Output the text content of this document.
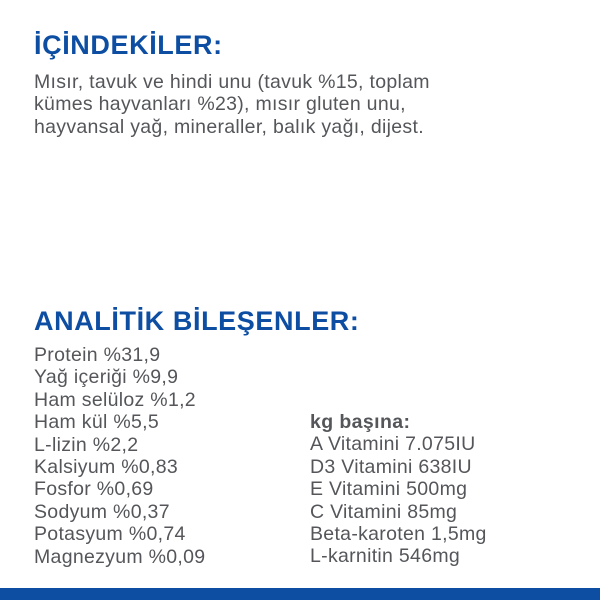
İÇİNDEKİLER:
Mısır, tavuk ve hindi unu (tavuk %15, toplam
kümes hayvanları %23), mısır gluten unu,
hayvansal yağ, mineraller, balık yağı, dijest.
ANALİTİK BİLEŞENLER:
Protein %31,9
Yağ içeriği %9,9
Ham selüloz %1,2
Ham kül %5,5
L-lizin %2,2
Kalsiyum %0,83
Fosfor %0,69
Sodyum %0,37
Potasyum %0,74
Magnezyum %0,09
kg başına:
A Vitamini 7.075IU
D3 Vitamini 638IU
E Vitamini 500mg
C Vitamini 85mg
Beta-karoten 1,5mg
L-karnitin 546mg
